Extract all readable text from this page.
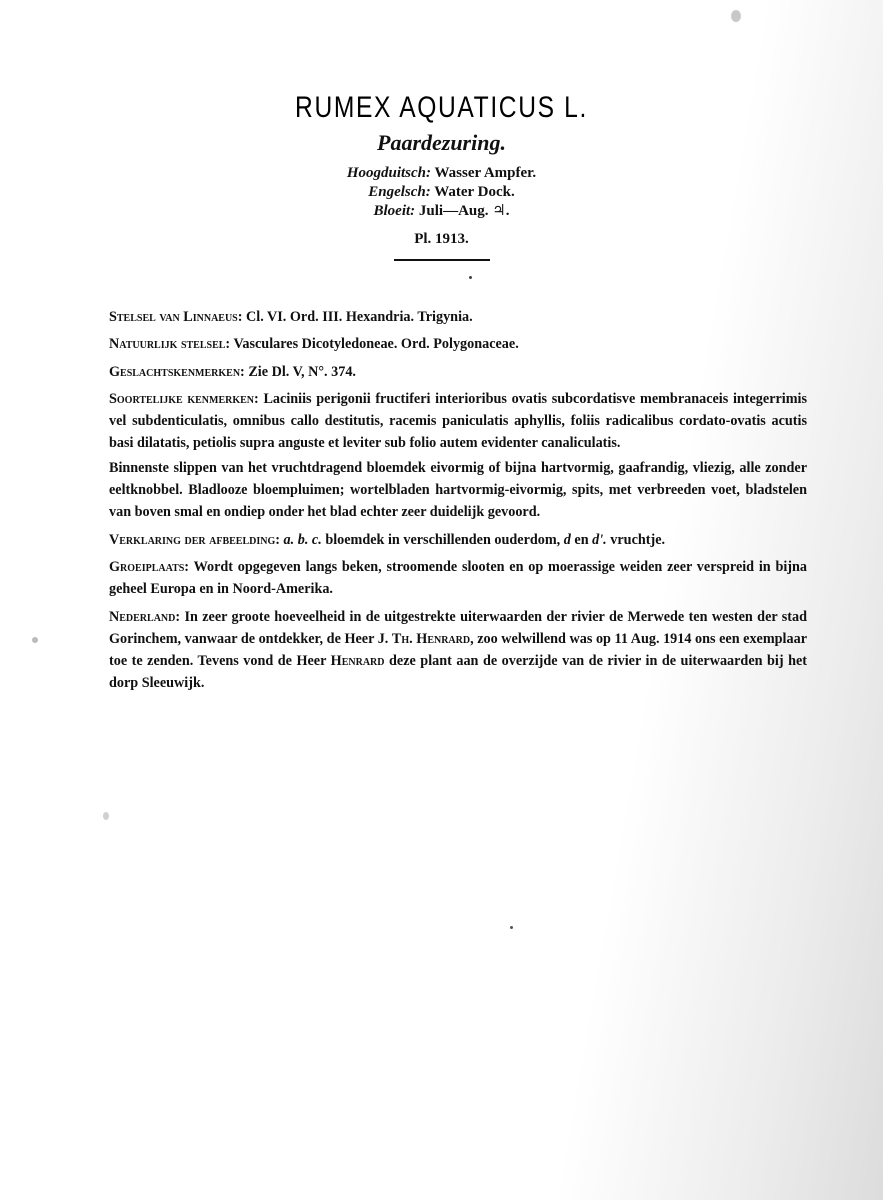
RUMEX AQUATICUS L.
Paardezuring.
Hoogduitsch: Wasser Ampfer.
Engelsch: Water Dock.
Bloeit: Juli—Aug. ♃.
Pl. 1913.

Stelsel van Linnaeus: Cl. VI. Ord. III. Hexandria. Trigynia.

Natuurlijk stelsel: Vasculares Dicotyledoneae. Ord. Polygonaceae.

Geslachtskenmerken: Zie Dl. V, N°. 374.

Soortelijke kenmerken: Laciniis perigonii fructiferi interioribus ovatis subcordatisve membranaceis integerrimis vel subdenticulatis, omnibus callo destitutis, racemis paniculatis aphyllis, foliis radicalibus cordato-ovatis acutis basi dilatatis, petiolis supra anguste et leviter sub folio autem evidenter canaliculatis.

Binnenste slippen van het vruchtdragend bloemdek eivormig of bijna hartvormig, gaafrandig, vliezig, alle zonder eeltknobbel. Bladlooze bloempluimen; wortelbladen hartvormig-eivormig, spits, met verbreeden voet, bladstelen van boven smal en ondiep onder het blad echter zeer duidelijk gevoord.

Verklaring der afbeelding: a. b. c. bloemdek in verschillenden ouderdom, d en d'. vruchtje.

Groeiplaats: Wordt opgegeven langs beken, stroomende slooten en op moerassige weiden zeer verspreid in bijna geheel Europa en in Noord-Amerika.

Nederland: In zeer groote hoeveelheid in de uitgestrekte uiterwaarden der rivier de Merwede ten westen der stad Gorinchem, vanwaar de ontdekker, de Heer J. Th. Henrard, zoo welwillend was op 11 Aug. 1914 ons een exemplaar toe te zenden. Tevens vond de Heer Henrard deze plant aan de overzijde van de rivier in de uiterwaarden bij het dorp Sleeuwijk.
